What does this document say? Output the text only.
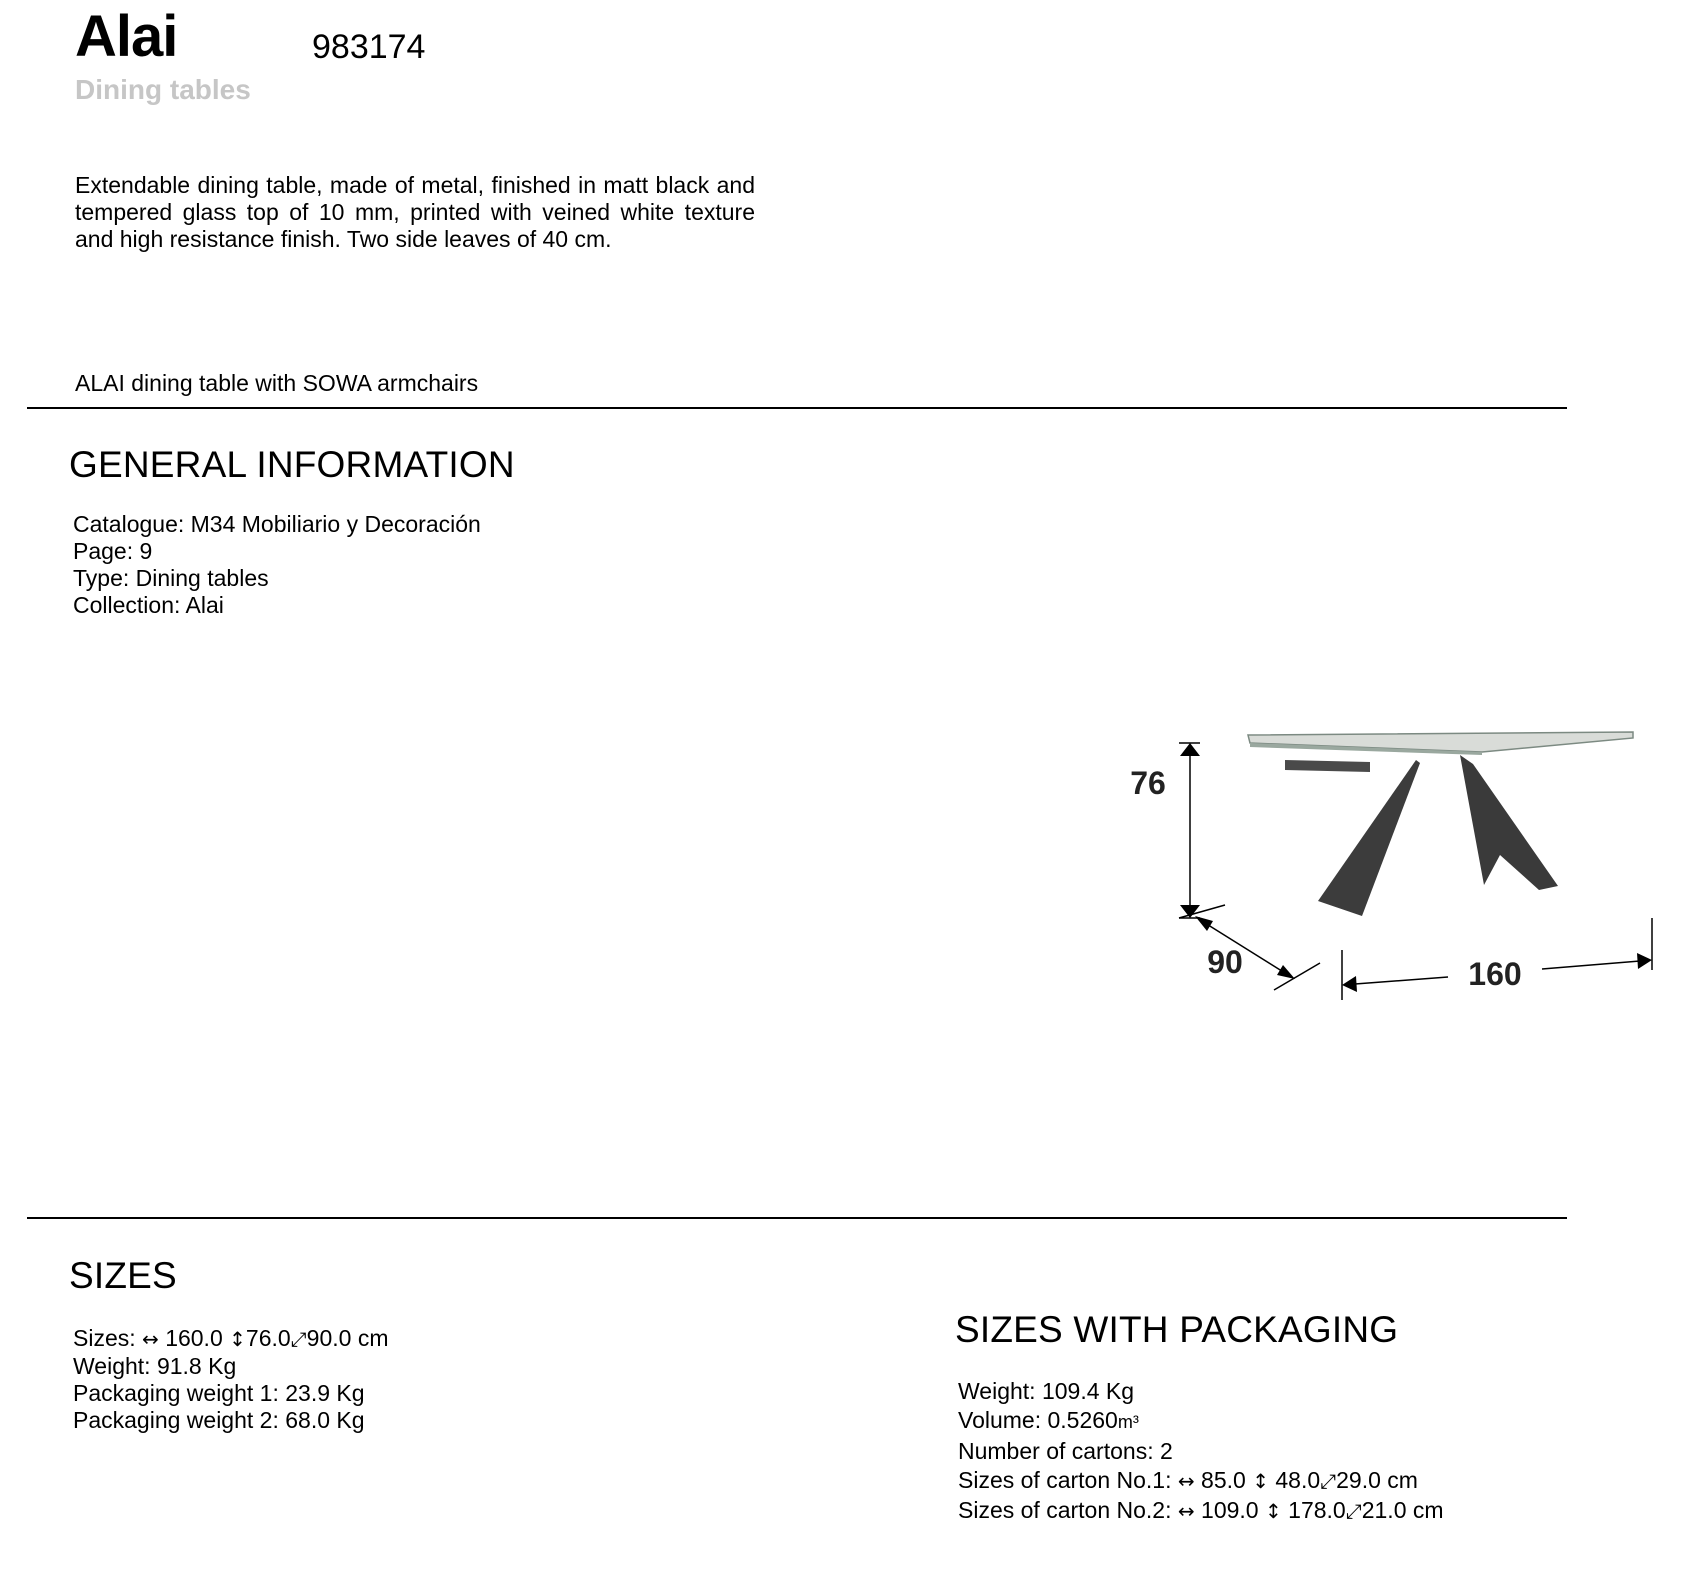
Alai	983174
Dining tables
Extendable dining table, made of metal, finished in matt black and tempered glass top of 10 mm, printed with veined white texture and high resistance finish. Two side leaves of 40 cm.
ALAI dining table with SOWA armchairs
GENERAL INFORMATION
Catalogue: M34 Mobiliario y Decoración
Page: 9
Type: Dining tables
Collection: Alai
76
90	160
SIZES
Sizes: ↔ 160.0 ↕76.0⤢90.0 cm
Weight: 91.8 Kg
Packaging weight 1: 23.9 Kg
Packaging weight 2: 68.0 Kg
SIZES WITH PACKAGING
Weight: 109.4 Kg
Volume: 0.5260m³
Number of cartons: 2
Sizes of carton No.1: ↔ 85.0 ↕ 48.0⤢29.0 cm
Sizes of carton No.2: ↔ 109.0 ↕ 178.0⤢21.0 cm
